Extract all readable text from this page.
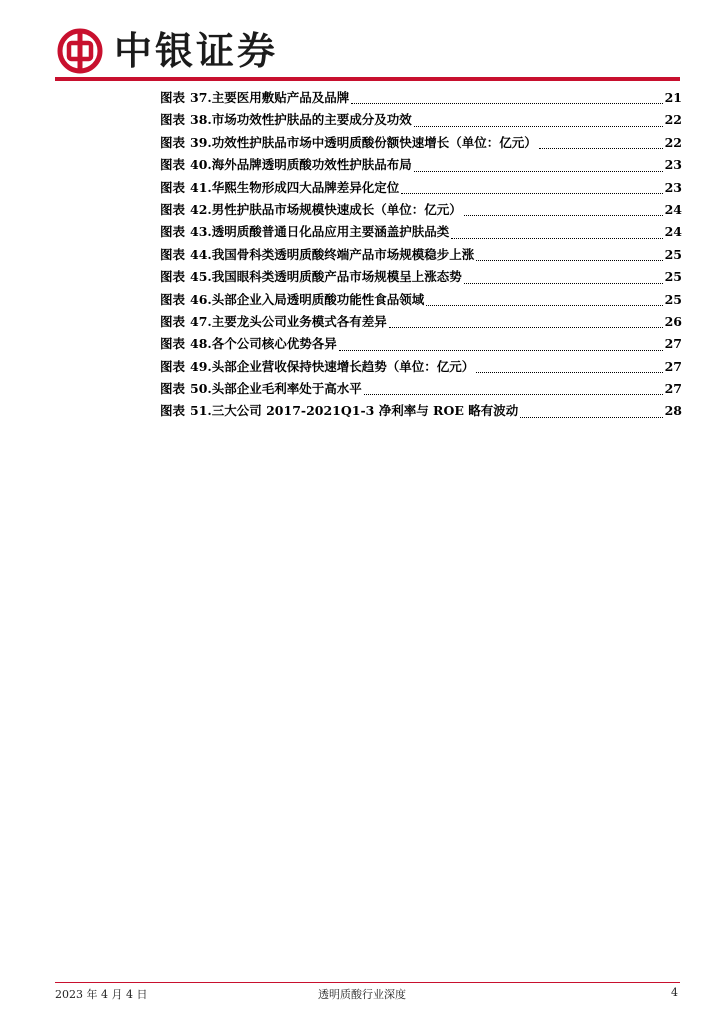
中银证券
图表 37.主要医用敷贴产品及品牌	21
图表 38.市场功效性护肤品的主要成分及功效	22
图表 39.功效性护肤品市场中透明质酸份额快速增长（单位：亿元）	22
图表 40.海外品牌透明质酸功效性护肤品布局	23
图表 41.华熙生物形成四大品牌差异化定位	23
图表 42.男性护肤品市场规模快速成长（单位：亿元）	24
图表 43.透明质酸普通日化品应用主要涵盖护肤品类	24
图表 44.我国骨科类透明质酸终端产品市场规模稳步上涨	25
图表 45.我国眼科类透明质酸产品市场规模呈上涨态势	25
图表 46.头部企业入局透明质酸功能性食品领域	25
图表 47.主要龙头公司业务模式各有差异	26
图表 48.各个公司核心优势各异	27
图表 49.头部企业营收保持快速增长趋势（单位：亿元）	27
图表 50.头部企业毛利率处于高水平	27
图表 51.三大公司 2017-2021Q1-3 净利率与 ROE 略有波动	28
2023 年 4 月 4 日	透明质酸行业深度	4
